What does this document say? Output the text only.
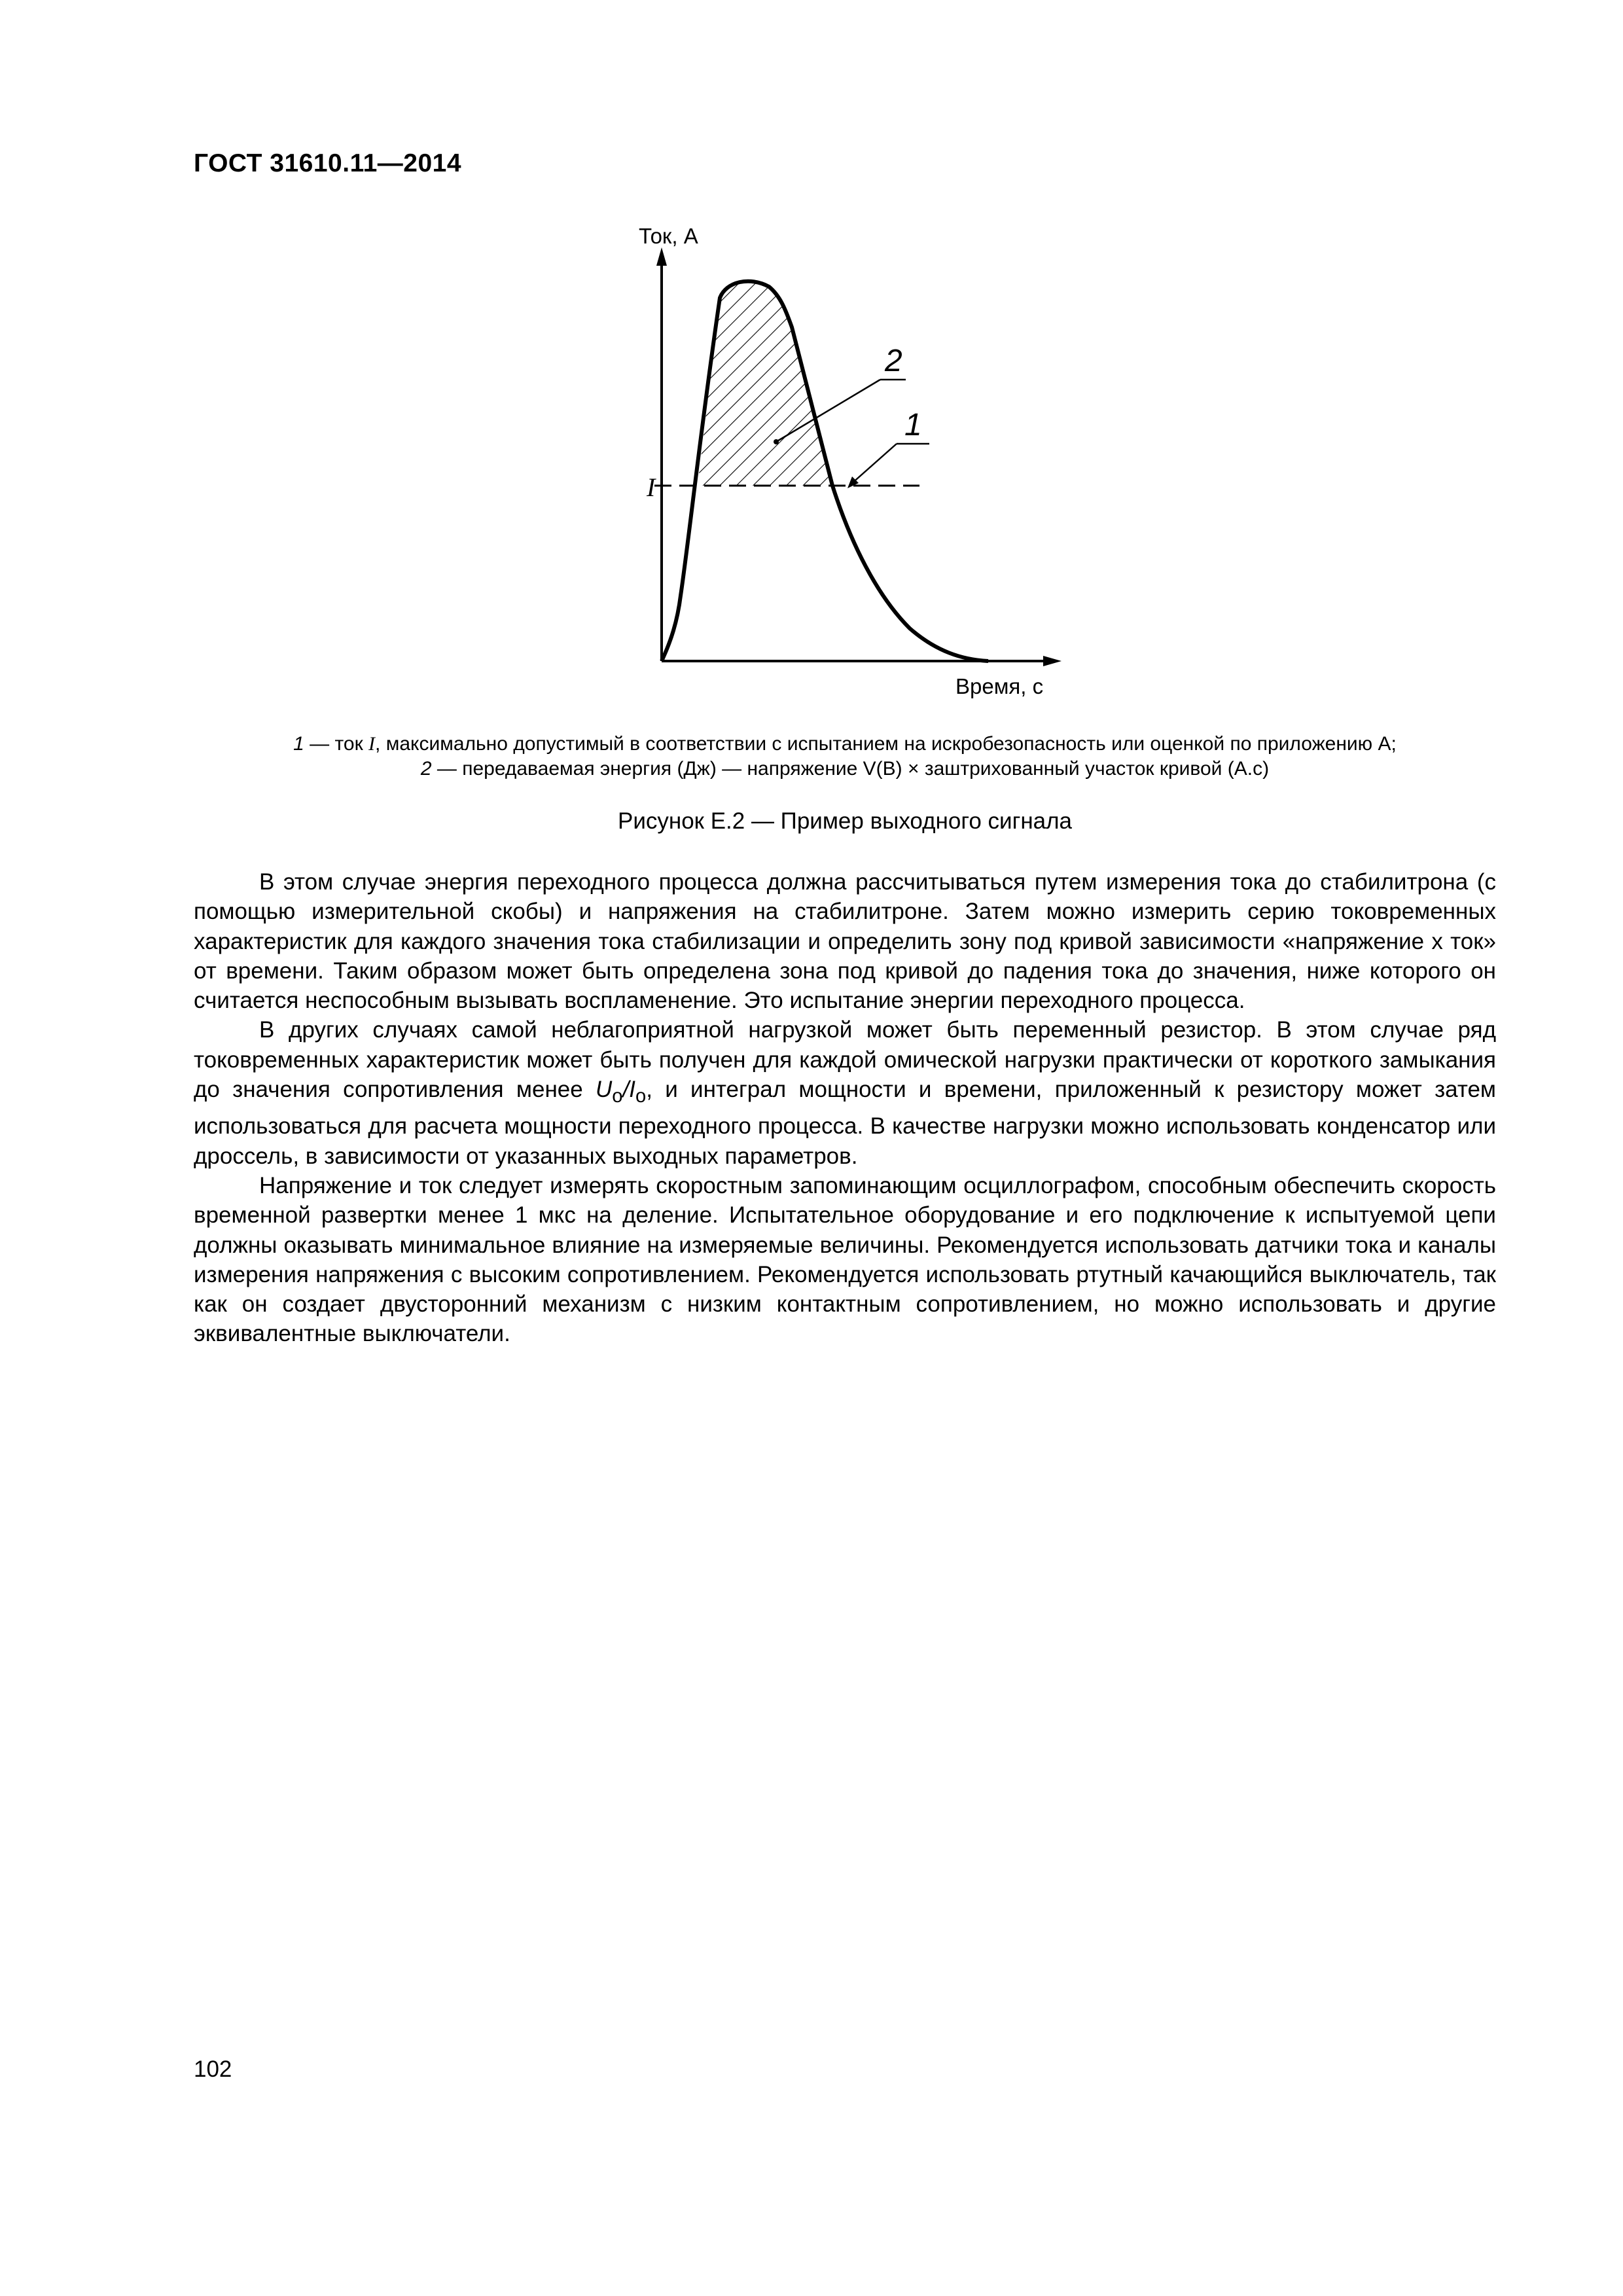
ГОСТ 31610.11—2014
Ток, А
Время, с
I
2
1
1 — ток I, максимально допустимый в соответствии с испытанием на искробезопасность или оценкой по приложению А;
2 — передаваемая энергия (Дж) — напряжение V(B) × заштрихованный участок кривой (А.с)
Рисунок Е.2 — Пример выходного сигнала

В этом случае энергия переходного процесса должна рассчитываться путем измерения тока до стабилитрона (с помощью измерительной скобы) и напряжения на стабилитроне. Затем можно измерить серию токовременных характеристик для каждого значения тока стабилизации и определить зону под кривой зависимости «напряжение х ток» от времени. Таким образом может быть определена зона под кривой до падения тока до значения, ниже которого он считается неспособным вызывать воспламенение. Это испытание энергии переходного процесса.

В других случаях самой неблагоприятной нагрузкой может быть переменный резистор. В этом случае ряд токовременных характеристик может быть получен для каждой омической нагрузки практически от короткого замыкания до значения сопротивления менее $U_o/I_o$, и интеграл мощности и времени, приложенный к резистору может затем использоваться для расчета мощности переходного процесса. В качестве нагрузки можно использовать конденсатор или дроссель, в зависимости от указанных выходных параметров.

Напряжение и ток следует измерять скоростным запоминающим осциллографом, способным обеспечить скорость временной развертки менее 1 мкс на деление. Испытательное оборудование и его подключение к испытуемой цепи должны оказывать минимальное влияние на измеряемые величины. Рекомендуется использовать датчики тока и каналы измерения напряжения с высоким сопротивлением. Рекомендуется использовать ртутный качающийся выключатель, так как он создает двусторонний механизм с низким контактным сопротивлением, но можно использовать и другие эквивалентные выключатели.

102
